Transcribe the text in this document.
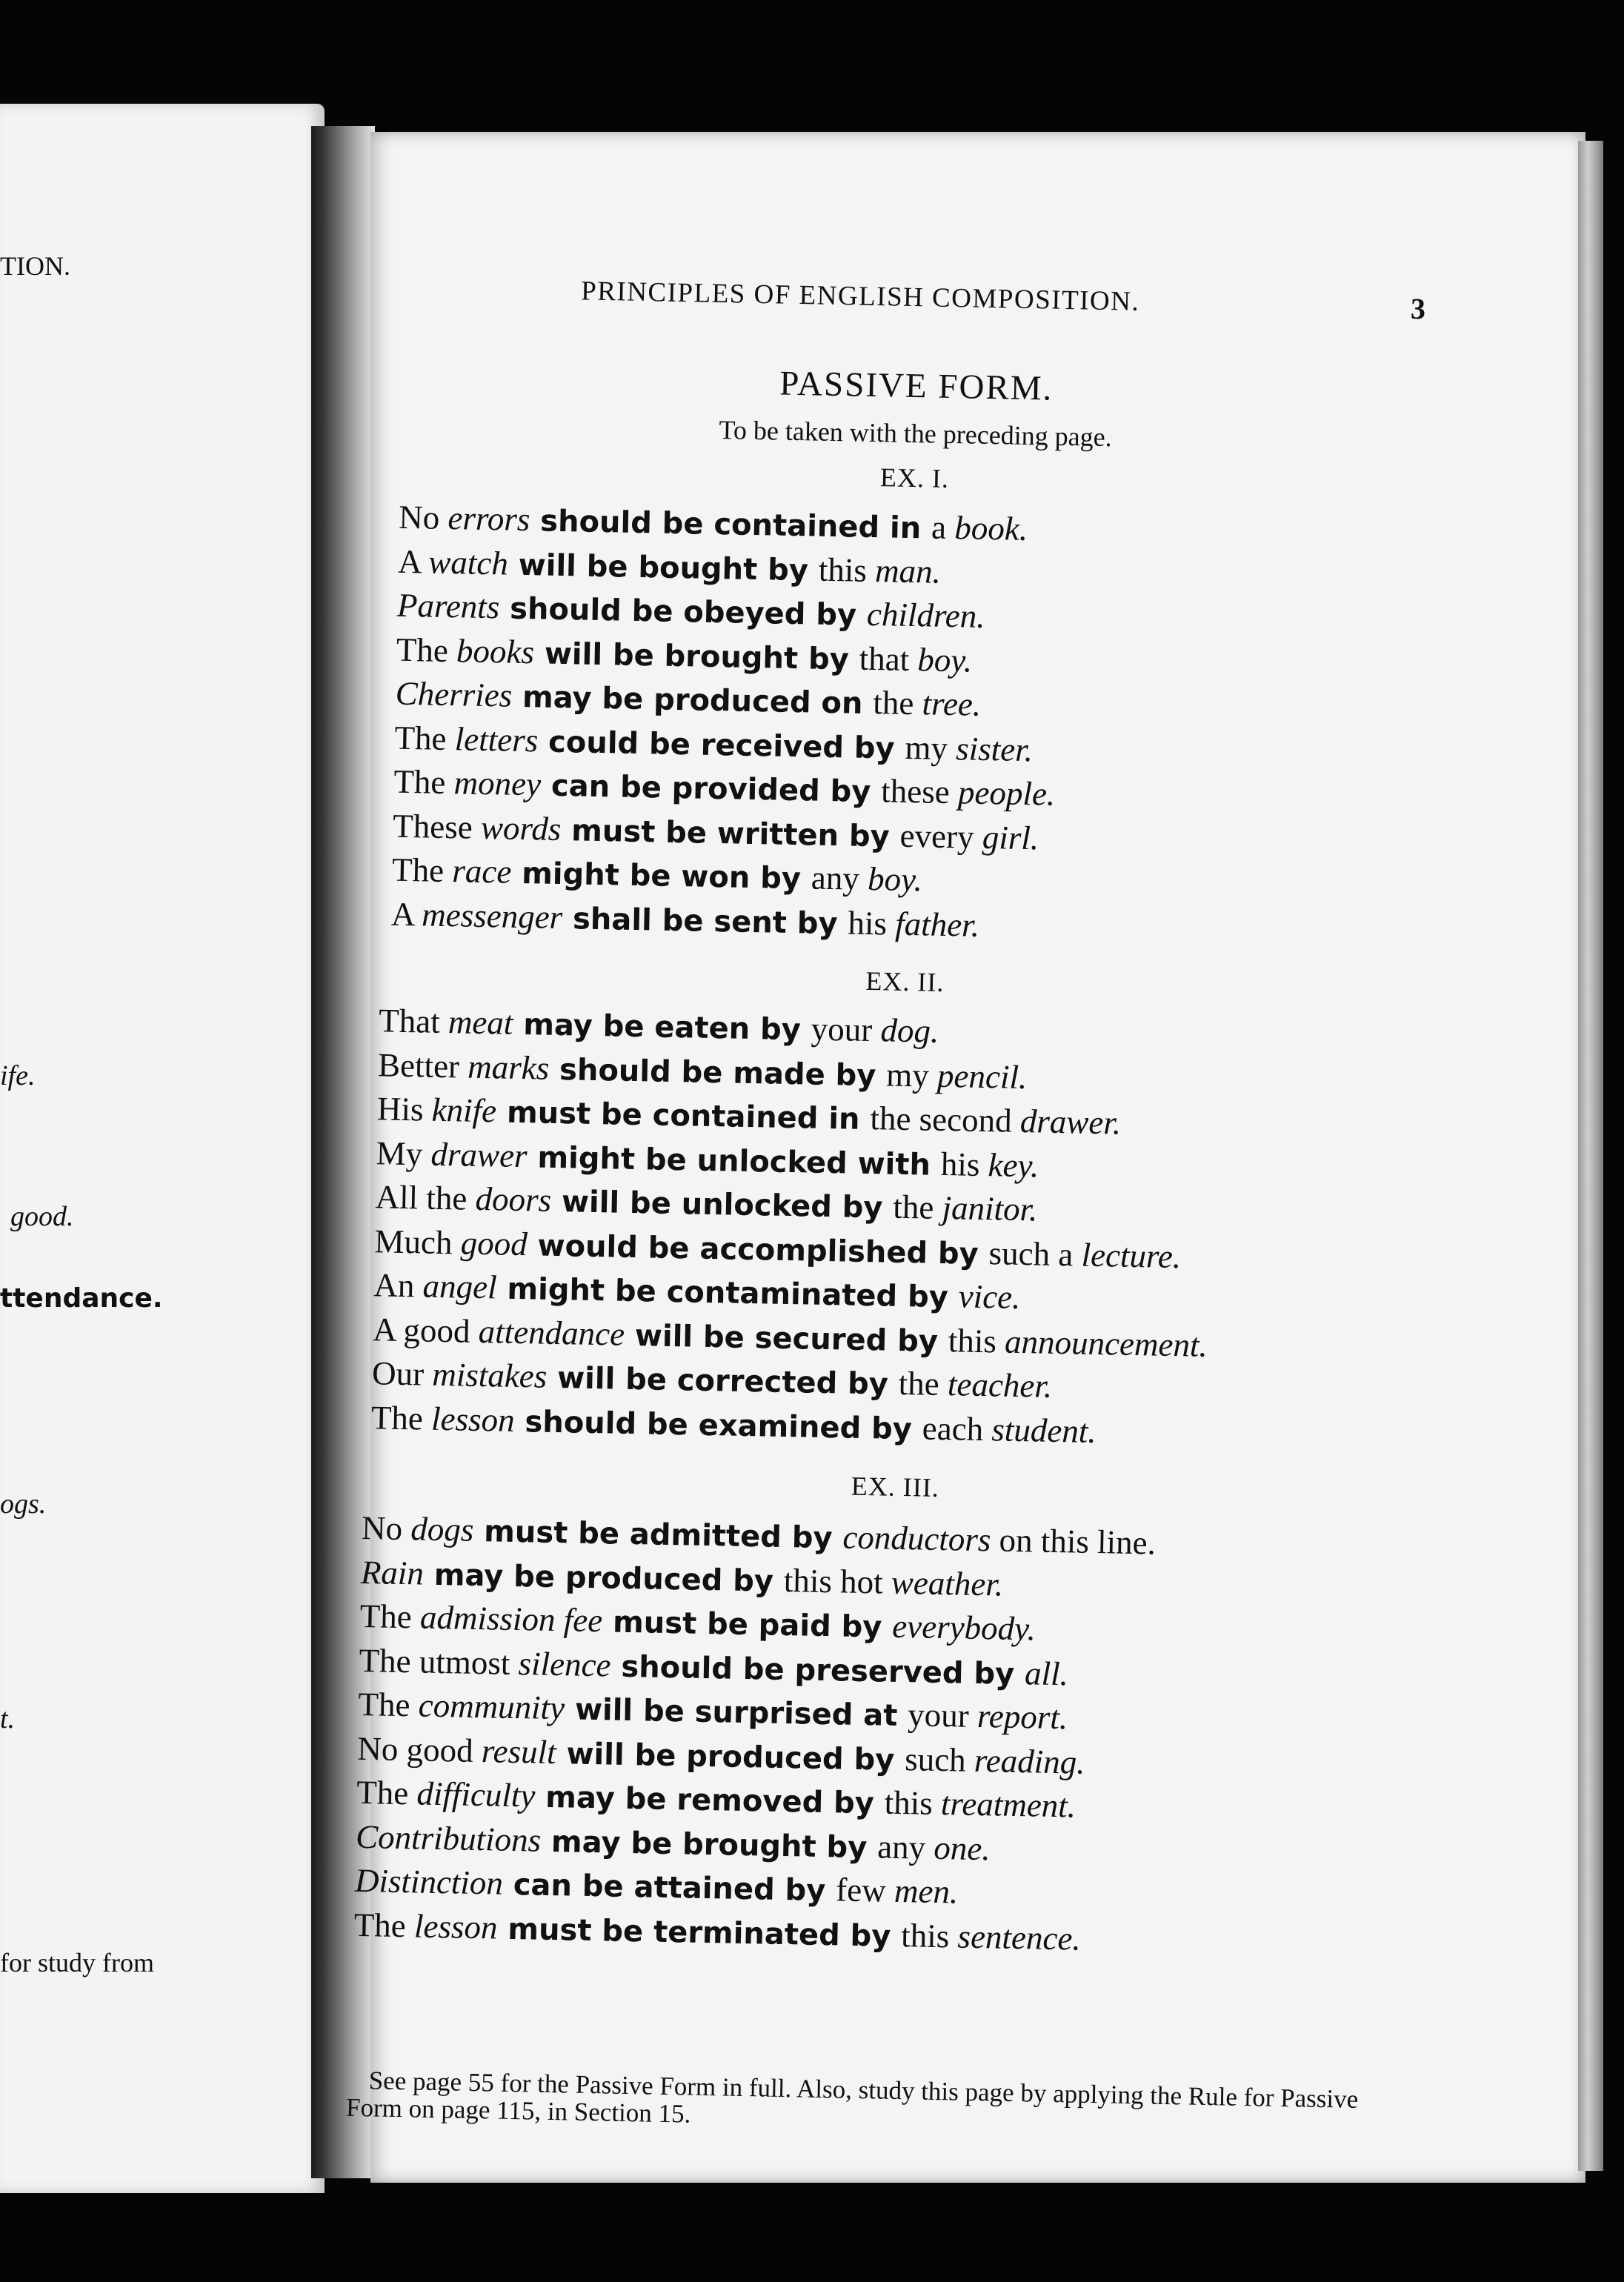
TION.
ife.
good.
ttendance.
ogs.
t.
for study from
PRINCIPLES OF ENGLISH COMPOSITION.	3
PASSIVE FORM.
To be taken with the preceding page.
EX. I.
No errors should be contained in a book.
A watch will be bought by this man.
Parents should be obeyed by children.
The books will be brought by that boy.
Cherries may be produced on the tree.
The letters could be received by my sister.
The money can be provided by these people.
These words must be written by every girl.
The race might be won by any boy.
A messenger shall be sent by his father.
EX. II.
That meat may be eaten by your dog.
Better marks should be made by my pencil.
His knife must be contained in the second drawer.
My drawer might be unlocked with his key.
All the doors will be unlocked by the janitor.
Much good would be accomplished by such a lecture.
An angel might be contaminated by vice.
A good attendance will be secured by this announcement.
Our mistakes will be corrected by the teacher.
The lesson should be examined by each student.
EX. III.
No dogs must be admitted by conductors on this line.
Rain may be produced by this hot weather.
The admission fee must be paid by everybody.
The utmost silence should be preserved by all.
The community will be surprised at your report.
No good result will be produced by such reading.
The difficulty may be removed by this treatment.
Contributions may be brought by any one.
Distinction can be attained by few men.
The lesson must be terminated by this sentence.
See page 55 for the Passive Form in full. Also, study this page by applying the Rule for Passive Form on page 115, in Section 15.
